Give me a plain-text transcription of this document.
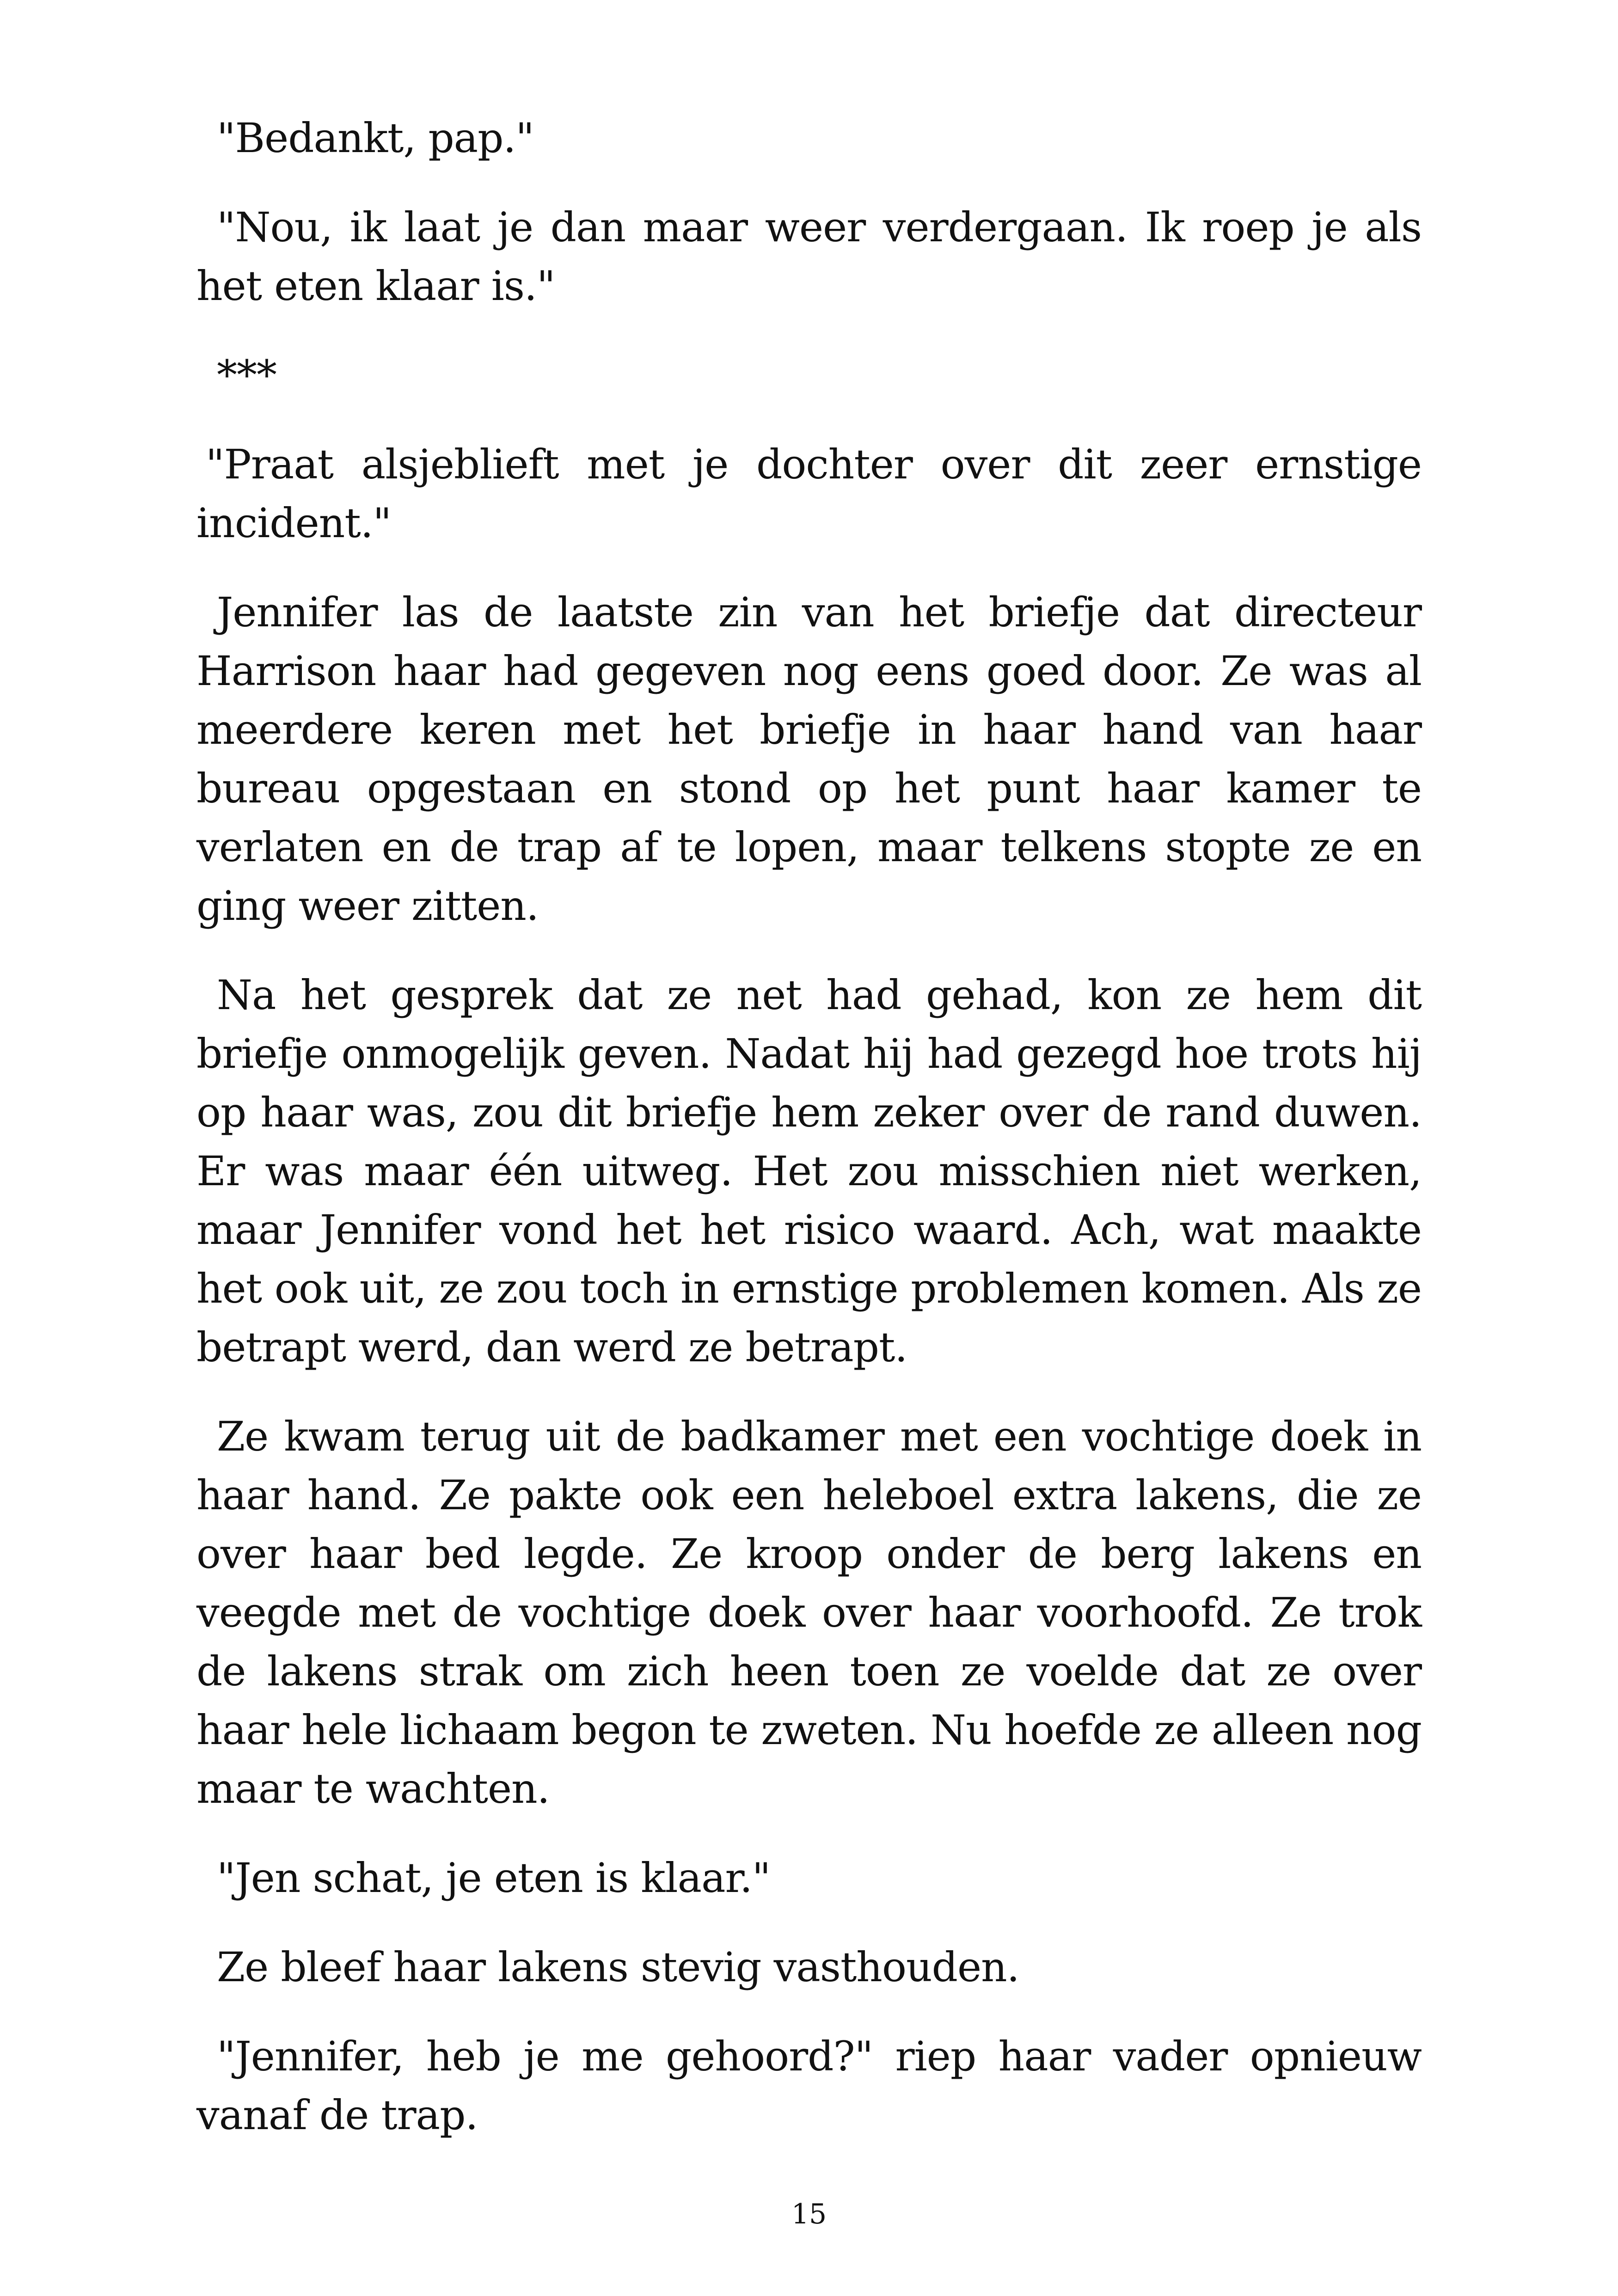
"Bedankt, pap."

"Nou, ik laat je dan maar weer verdergaan. Ik roep je als het eten klaar is."

***

"Praat alsjeblieft met je dochter over dit zeer ernstige incident."

Jennifer las de laatste zin van het briefje dat directeur Harrison haar had gegeven nog eens goed door. Ze was al meerdere keren met het briefje in haar hand van haar bureau opgestaan en stond op het punt haar kamer te verlaten en de trap af te lopen, maar telkens stopte ze en ging weer zitten.

Na het gesprek dat ze net had gehad, kon ze hem dit briefje onmogelijk geven. Nadat hij had gezegd hoe trots hij op haar was, zou dit briefje hem zeker over de rand duwen. Er was maar één uitweg. Het zou misschien niet werken, maar Jennifer vond het het risico waard. Ach, wat maakte het ook uit, ze zou toch in ernstige problemen komen. Als ze betrapt werd, dan werd ze betrapt.

Ze kwam terug uit de badkamer met een vochtige doek in haar hand. Ze pakte ook een heleboel extra lakens, die ze over haar bed legde. Ze kroop onder de berg lakens en veegde met de vochtige doek over haar voorhoofd. Ze trok de lakens strak om zich heen toen ze voelde dat ze over haar hele lichaam begon te zweten. Nu hoefde ze alleen nog maar te wachten.

"Jen schat, je eten is klaar."

Ze bleef haar lakens stevig vasthouden.

"Jennifer, heb je me gehoord?" riep haar vader opnieuw vanaf de trap.

15
